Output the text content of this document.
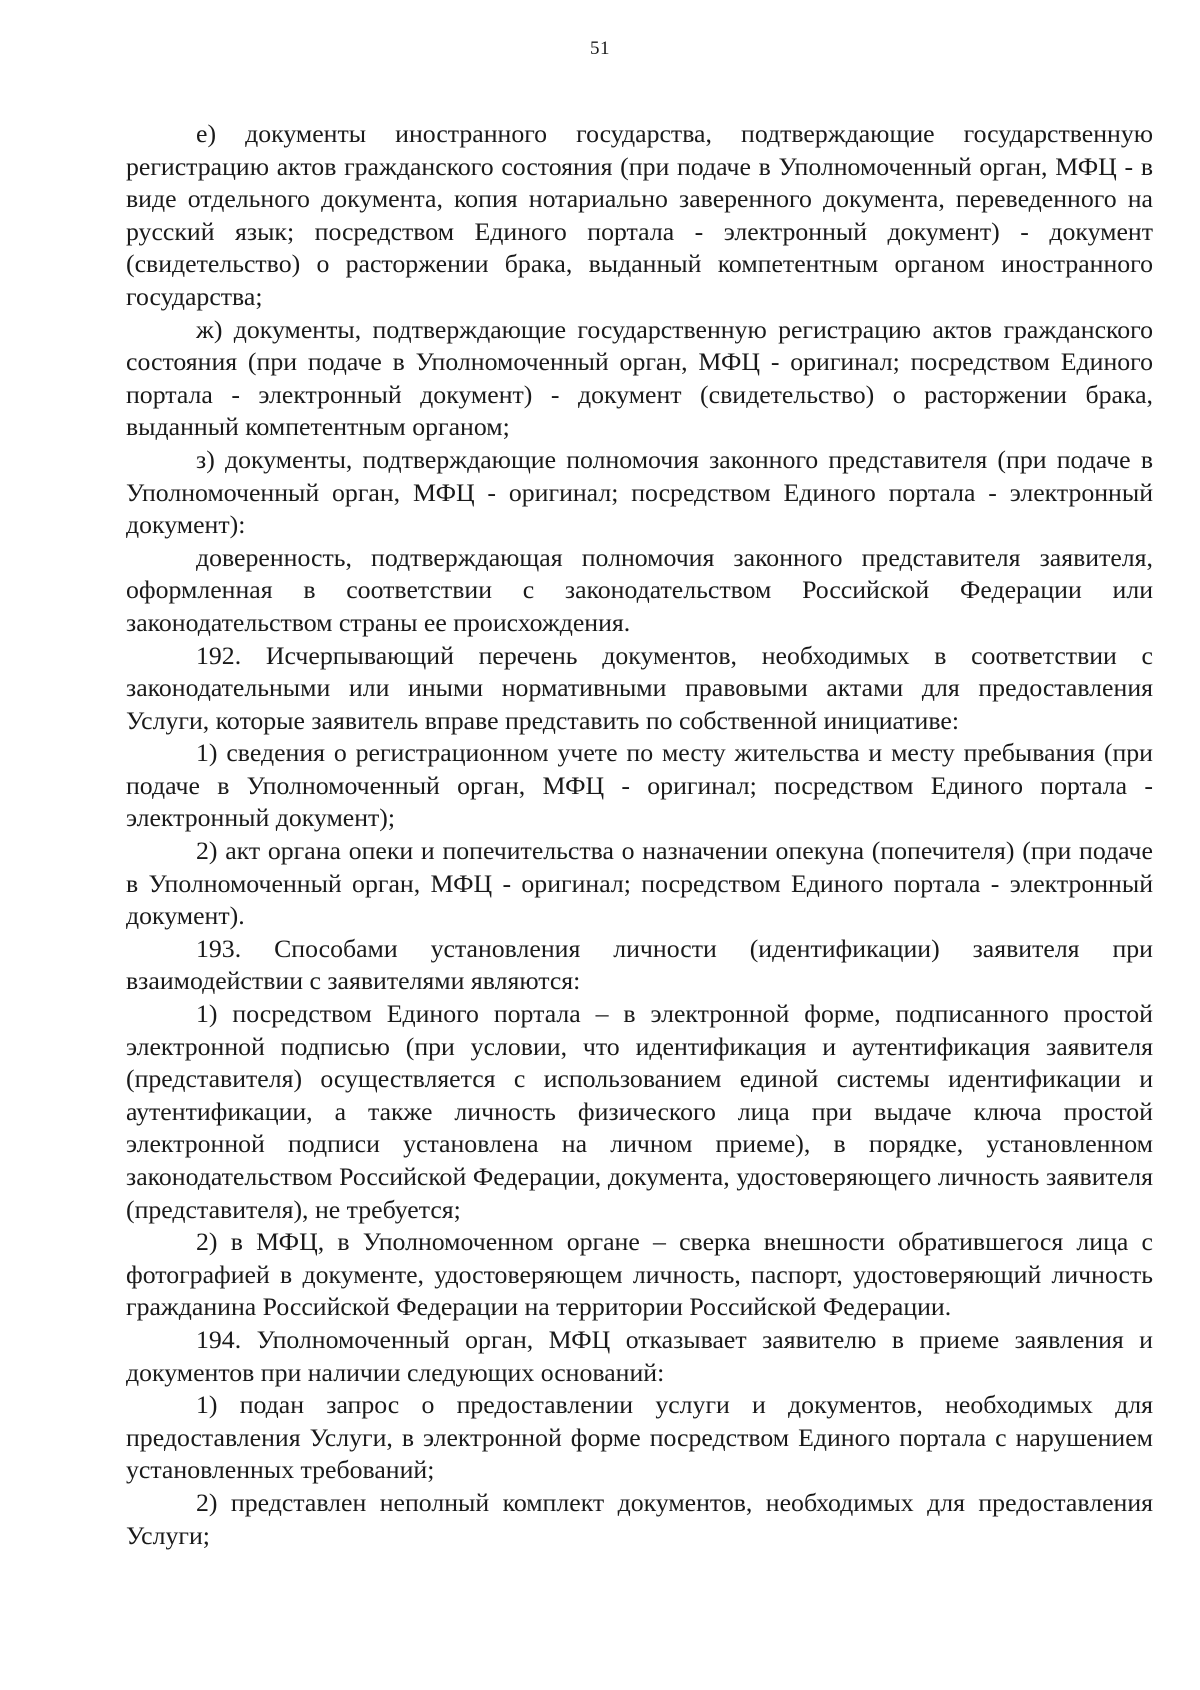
51

е) документы иностранного государства, подтверждающие государственную регистрацию актов гражданского состояния (при подаче в Уполномоченный орган, МФЦ - в виде отдельного документа, копия нотариально заверенного документа, переведенного на русский язык; посредством Единого портала - электронный документ) - документ (свидетельство) о расторжении брака, выданный компетентным органом иностранного государства;

ж) документы, подтверждающие государственную регистрацию актов гражданского состояния (при подаче в Уполномоченный орган, МФЦ - оригинал; посредством Единого портала - электронный документ) - документ (свидетельство) о расторжении брака, выданный компетентным органом;

з) документы, подтверждающие полномочия законного представителя (при подаче в Уполномоченный орган, МФЦ - оригинал; посредством Единого портала - электронный документ):

доверенность, подтверждающая полномочия законного представителя заявителя, оформленная в соответствии с законодательством Российской Федерации или законодательством страны ее происхождения.

192. Исчерпывающий перечень документов, необходимых в соответствии с законодательными или иными нормативными правовыми актами для предоставления Услуги, которые заявитель вправе представить по собственной инициативе:

1) сведения о регистрационном учете по месту жительства и месту пребывания (при подаче в Уполномоченный орган, МФЦ - оригинал; посредством Единого портала - электронный документ);

2) акт органа опеки и попечительства о назначении опекуна (попечителя) (при подаче в Уполномоченный орган, МФЦ - оригинал; посредством Единого портала - электронный документ).

193. Способами установления личности (идентификации) заявителя при взаимодействии с заявителями являются:

1) посредством Единого портала – в электронной форме, подписанного простой электронной подписью (при условии, что идентификация и аутентификация заявителя (представителя) осуществляется с использованием единой системы идентификации и аутентификации, а также личность физического лица при выдаче ключа простой электронной подписи установлена на личном приеме), в порядке, установленном законодательством Российской Федерации, документа, удостоверяющего личность заявителя (представителя), не требуется;

2) в МФЦ, в Уполномоченном органе – сверка внешности обратившегося лица с фотографией в документе, удостоверяющем личность, паспорт, удостоверяющий личность гражданина Российской Федерации на территории Российской Федерации.

194. Уполномоченный орган, МФЦ отказывает заявителю в приеме заявления и документов при наличии следующих оснований:

1) подан запрос о предоставлении услуги и документов, необходимых для предоставления Услуги, в электронной форме посредством Единого портала с нарушением установленных требований;

2) представлен неполный комплект документов, необходимых для предоставления Услуги;
